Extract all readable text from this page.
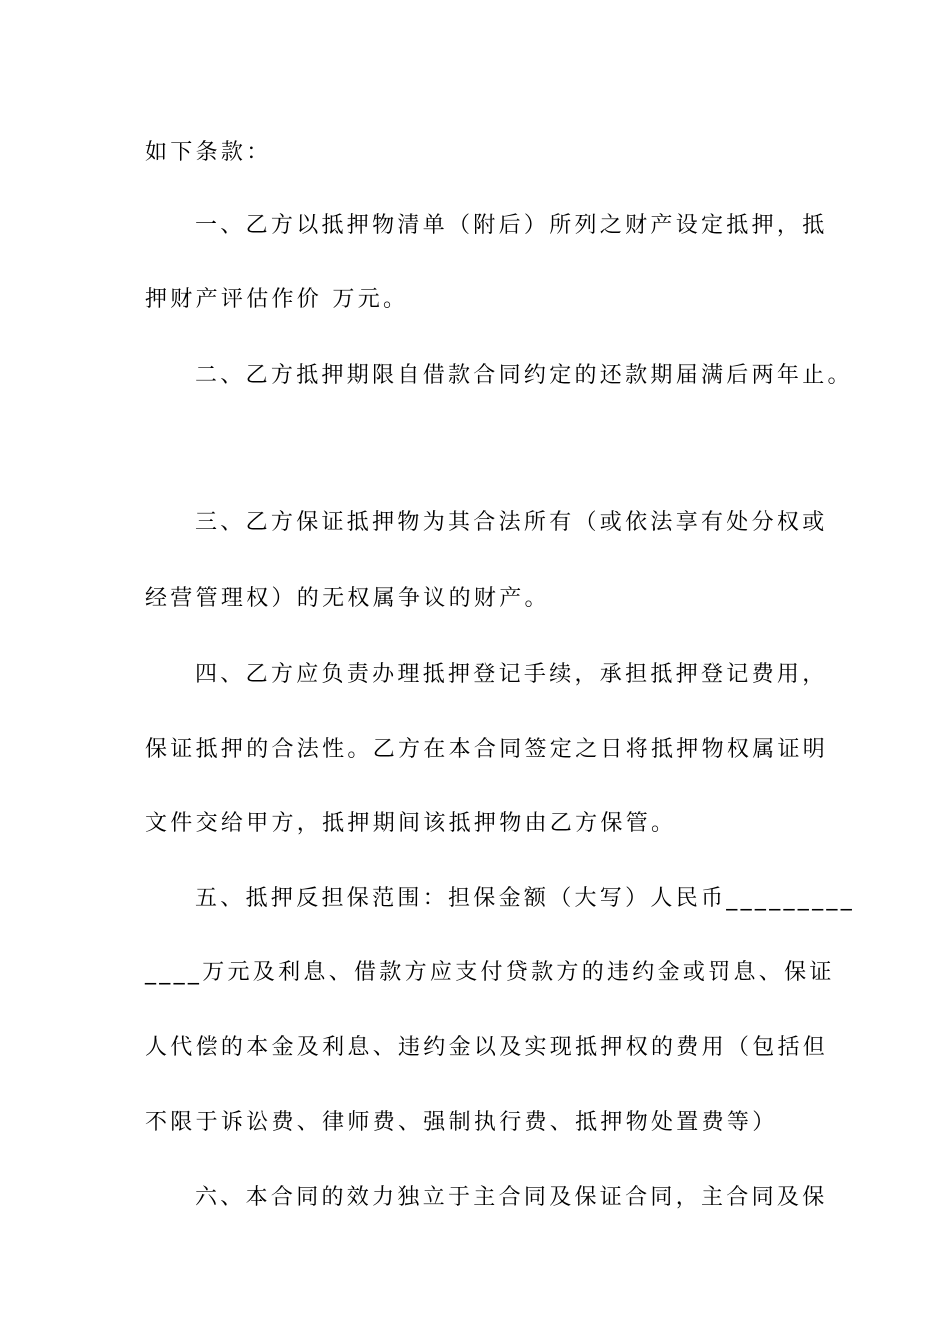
如下条款：

一、乙方以抵押物清单（附后）所列之财产设定抵押，抵

押财产评估作价 万元。

二、乙方抵押期限自借款合同约定的还款期届满后两年止。

三、乙方保证抵押物为其合法所有（或依法享有处分权或

经营管理权）的无权属争议的财产。

四、乙方应负责办理抵押登记手续，承担抵押登记费用，

保证抵押的合法性。乙方在本合同签定之日将抵押物权属证明

文件交给甲方，抵押期间该抵押物由乙方保管。

五、抵押反担保范围：担保金额（大写）人民币_________

____万元及利息、借款方应支付贷款方的违约金或罚息、保证

人代偿的本金及利息、违约金以及实现抵押权的费用（包括但

不限于诉讼费、律师费、强制执行费、抵押物处置费等）

六、本合同的效力独立于主合同及保证合同，主合同及保
